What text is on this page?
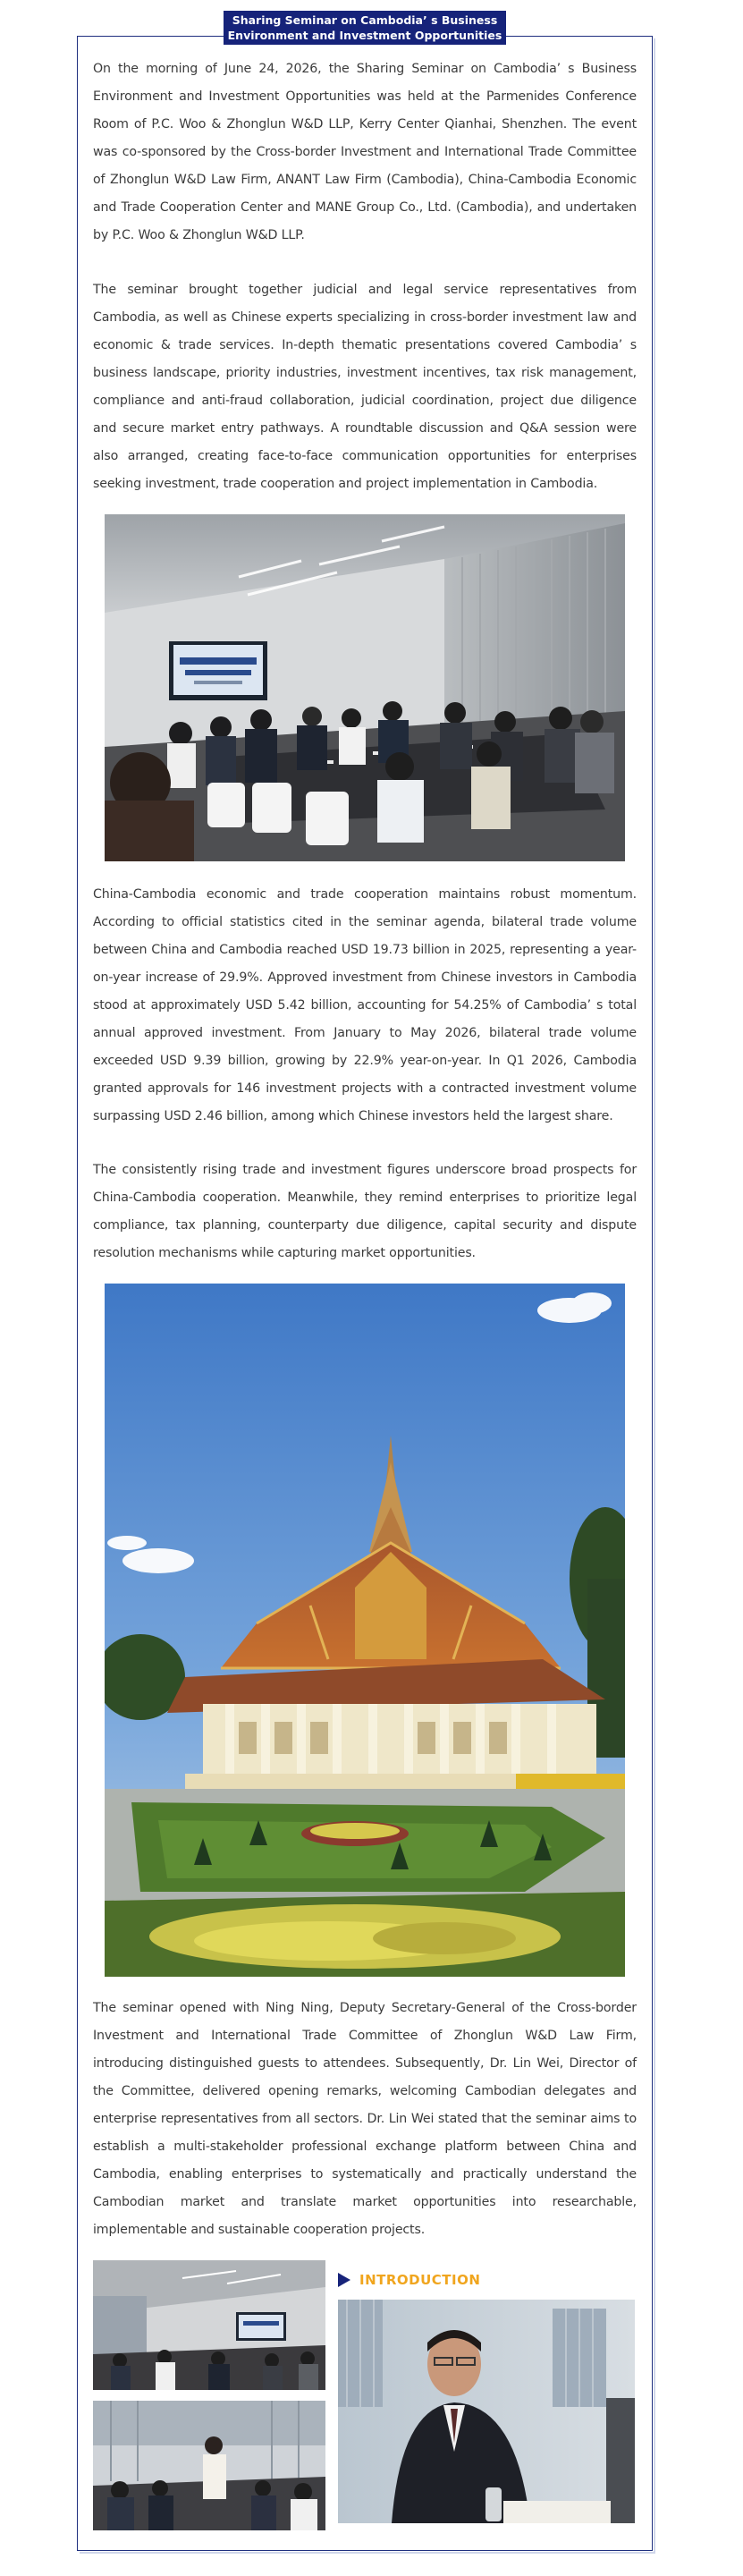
Sharing Seminar on Cambodia’ s Business
Environment and Investment Opportunities

On the morning of June 24, 2026, the Sharing Seminar on Cambodia’ s Business Environment and Investment Opportunities was held at the Parmenides Conference Room of P.C. Woo & Zhonglun W&D LLP, Kerry Center Qianhai, Shenzhen. The event was co-sponsored by the Cross-border Investment and International Trade Committee of Zhonglun W&D Law Firm, ANANT Law Firm (Cambodia), China-Cambodia Economic and Trade Cooperation Center and MANE Group Co., Ltd. (Cambodia), and undertaken by P.C. Woo & Zhonglun W&D LLP.

The seminar brought together judicial and legal service representatives from Cambodia, as well as Chinese experts specializing in cross-border investment law and economic & trade services. In-depth thematic presentations covered Cambodia’ s business landscape, priority industries, investment incentives, tax risk management, compliance and anti-fraud collaboration, judicial coordination, project due diligence and secure market entry pathways. A roundtable discussion and Q&A session were also arranged, creating face-to-face communication opportunities for enterprises seeking investment, trade cooperation and project implementation in Cambodia.

China-Cambodia economic and trade cooperation maintains robust momentum. According to official statistics cited in the seminar agenda, bilateral trade volume between China and Cambodia reached USD 19.73 billion in 2025, representing a year-on-year increase of 29.9%. Approved investment from Chinese investors in Cambodia stood at approximately USD 5.42 billion, accounting for 54.25% of Cambodia’ s total annual approved investment. From January to May 2026, bilateral trade volume exceeded USD 9.39 billion, growing by 22.9% year-on-year. In Q1 2026, Cambodia granted approvals for 146 investment projects with a contracted investment volume surpassing USD 2.46 billion, among which Chinese investors held the largest share.

The consistently rising trade and investment figures underscore broad prospects for China-Cambodia cooperation. Meanwhile, they remind enterprises to prioritize legal compliance, tax planning, counterparty due diligence, capital security and dispute resolution mechanisms while capturing market opportunities.

The seminar opened with Ning Ning, Deputy Secretary-General of the Cross-border Investment and International Trade Committee of Zhonglun W&D Law Firm, introducing distinguished guests to attendees. Subsequently, Dr. Lin Wei, Director of the Committee, delivered opening remarks, welcoming Cambodian delegates and enterprise representatives from all sectors. Dr. Lin Wei stated that the seminar aims to establish a multi-stakeholder professional exchange platform between China and Cambodia, enabling enterprises to systematically and practically understand the Cambodian market and translate market opportunities into researchable, implementable and sustainable cooperation projects.

INTRODUCTION
